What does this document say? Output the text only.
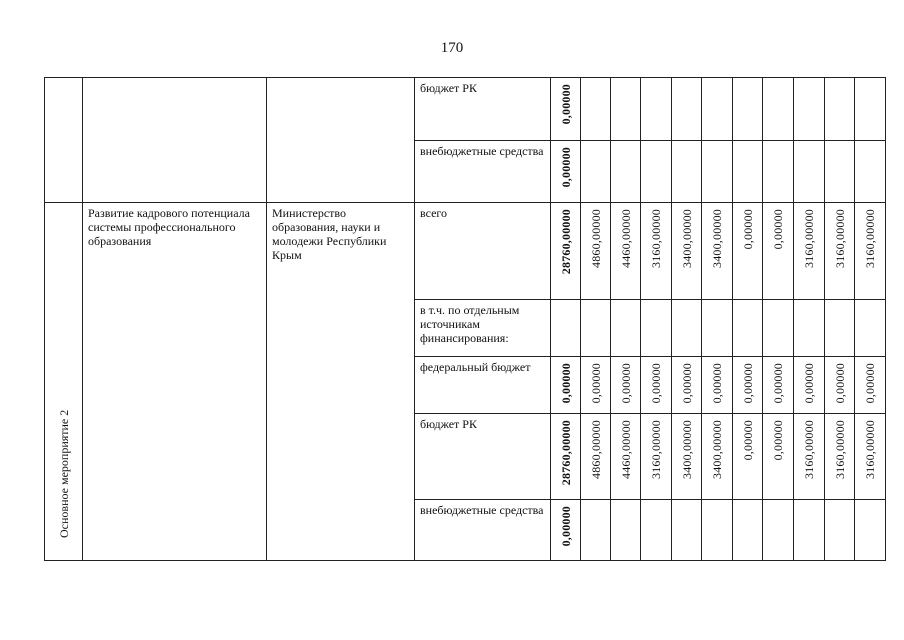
170
			бюджет РК	0,00000										

			внебюджетные средства	0,00000										

Основное мероприятие 2	Развитие кадрового потенциала системы профессионального образования	Министерство образования, науки и молодежи Республики Крым	всего	28760,00000	4860,00000	4460,00000	3160,00000	3400,00000	3400,00000	0,00000	0,00000	3160,00000	3160,00000	3160,00000

			в т.ч. по отдельным источникам финансирования:											
			федеральный бюджет	0,00000	0,00000	0,00000	0,00000	0,00000	0,00000	0,00000	0,00000	0,00000	0,00000	0,00000

			бюджет РК	28760,00000	4860,00000	4460,00000	3160,00000	3400,00000	3400,00000	0,00000	0,00000	3160,00000	3160,00000	3160,00000

			внебюджетные средства	0,00000										
